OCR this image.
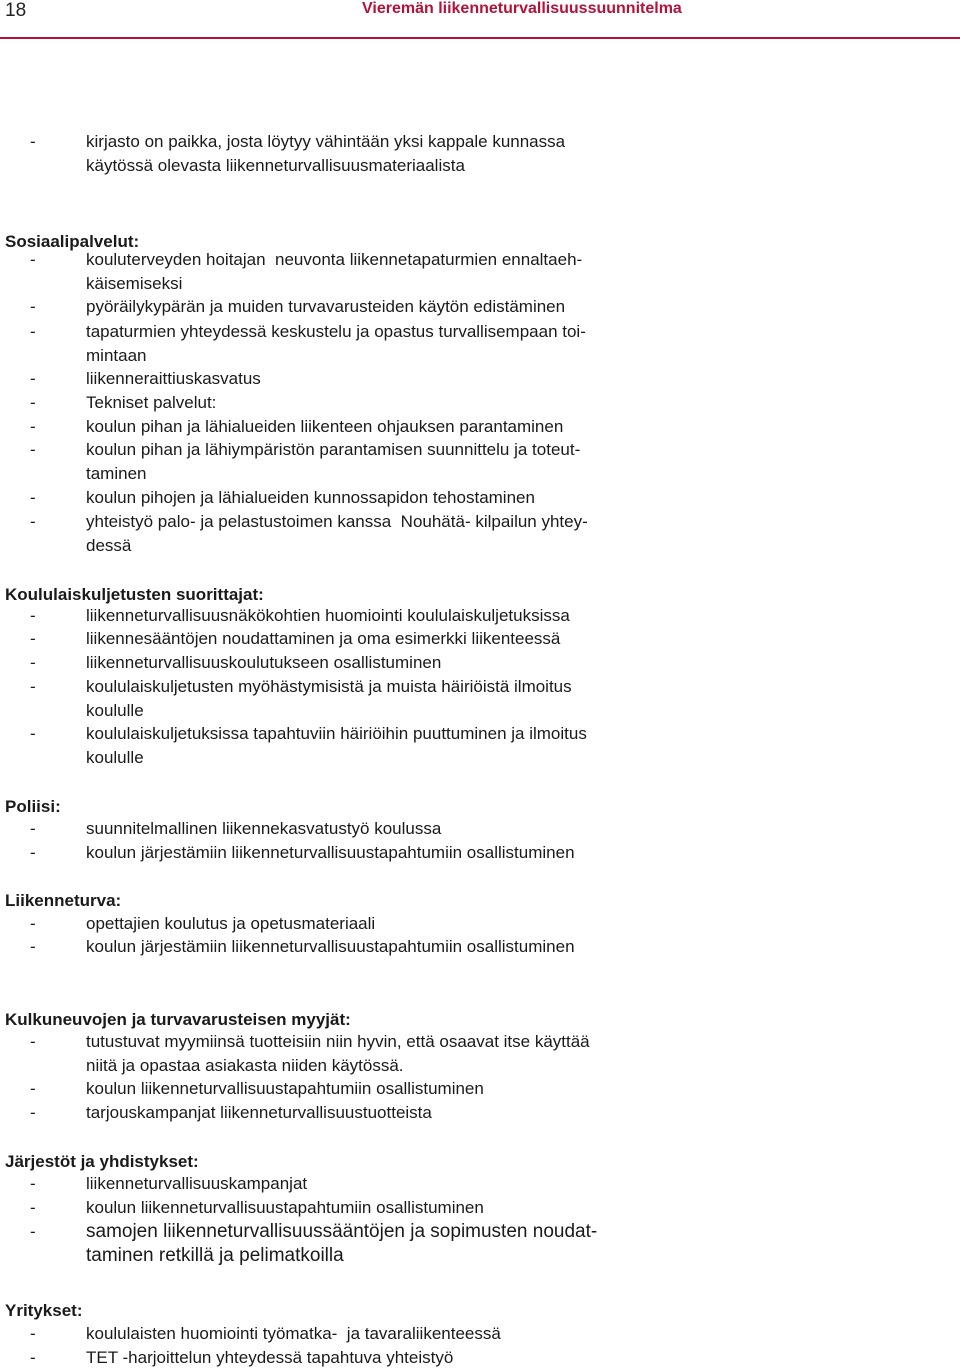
18	Vieremän liikenneturvallisuussuunnitelma
-	kirjasto on paikka, josta löytyy vähintään yksi kappale kunnassa
käytössä olevasta liikenneturvallisuusmateriaalista
Sosiaalipalvelut:
-	kouluterveyden hoitajan  neuvonta liikennetapaturmien ennaltaeh-
käisemiseksi
-	pyöräilykypärän ja muiden turvavarusteiden käytön edistäminen
-	tapaturmien yhteydessä keskustelu ja opastus turvallisempaan toi-
mintaan
-	liikenneraittiuskasvatus
-	Tekniset palvelut:
-	koulun pihan ja lähialueiden liikenteen ohjauksen parantaminen
-	koulun pihan ja lähiympäristön parantamisen suunnittelu ja toteut-
taminen
-	koulun pihojen ja lähialueiden kunnossapidon tehostaminen
-	yhteistyö palo- ja pelastustoimen kanssa  Nouhätä- kilpailun yhtey-
dessä
Koululaiskuljetusten suorittajat:
-	liikenneturvallisuusnäkökohtien huomiointi koululaiskuljetuksissa
-	liikennesääntöjen noudattaminen ja oma esimerkki liikenteessä
-	liikenneturvallisuuskoulutukseen osallistuminen
-	koululaiskuljetusten myöhästymisistä ja muista häiriöistä ilmoitus
koululle
-	koululaiskuljetuksissa tapahtuviin häiriöihin puuttuminen ja ilmoitus
koululle
Poliisi:
-	suunnitelmallinen liikennekasvatustyö koulussa
-	koulun järjestämiin liikenneturvallisuustapahtumiin osallistuminen
Liikenneturva:
-	opettajien koulutus ja opetusmateriaali
-	koulun järjestämiin liikenneturvallisuustapahtumiin osallistuminen
Kulkuneuvojen ja turvavarusteisen myyjät:
-	tutustuvat myymiinsä tuotteisiin niin hyvin, että osaavat itse käyttää
niitä ja opastaa asiakasta niiden käytössä.
-	koulun liikenneturvallisuustapahtumiin osallistuminen
-	tarjouskampanjat liikenneturvallisuustuotteista
Järjestöt ja yhdistykset:
-	liikenneturvallisuuskampanjat
-	koulun liikenneturvallisuustapahtumiin osallistuminen
-	samojen liikenneturvallisuussääntöjen ja sopimusten noudat-
taminen retkillä ja pelimatkoilla
Yritykset:
-	koululaisten huomiointi työmatka-  ja tavaraliikenteessä
-	TET -harjoittelun yhteydessä tapahtuva yhteistyö
